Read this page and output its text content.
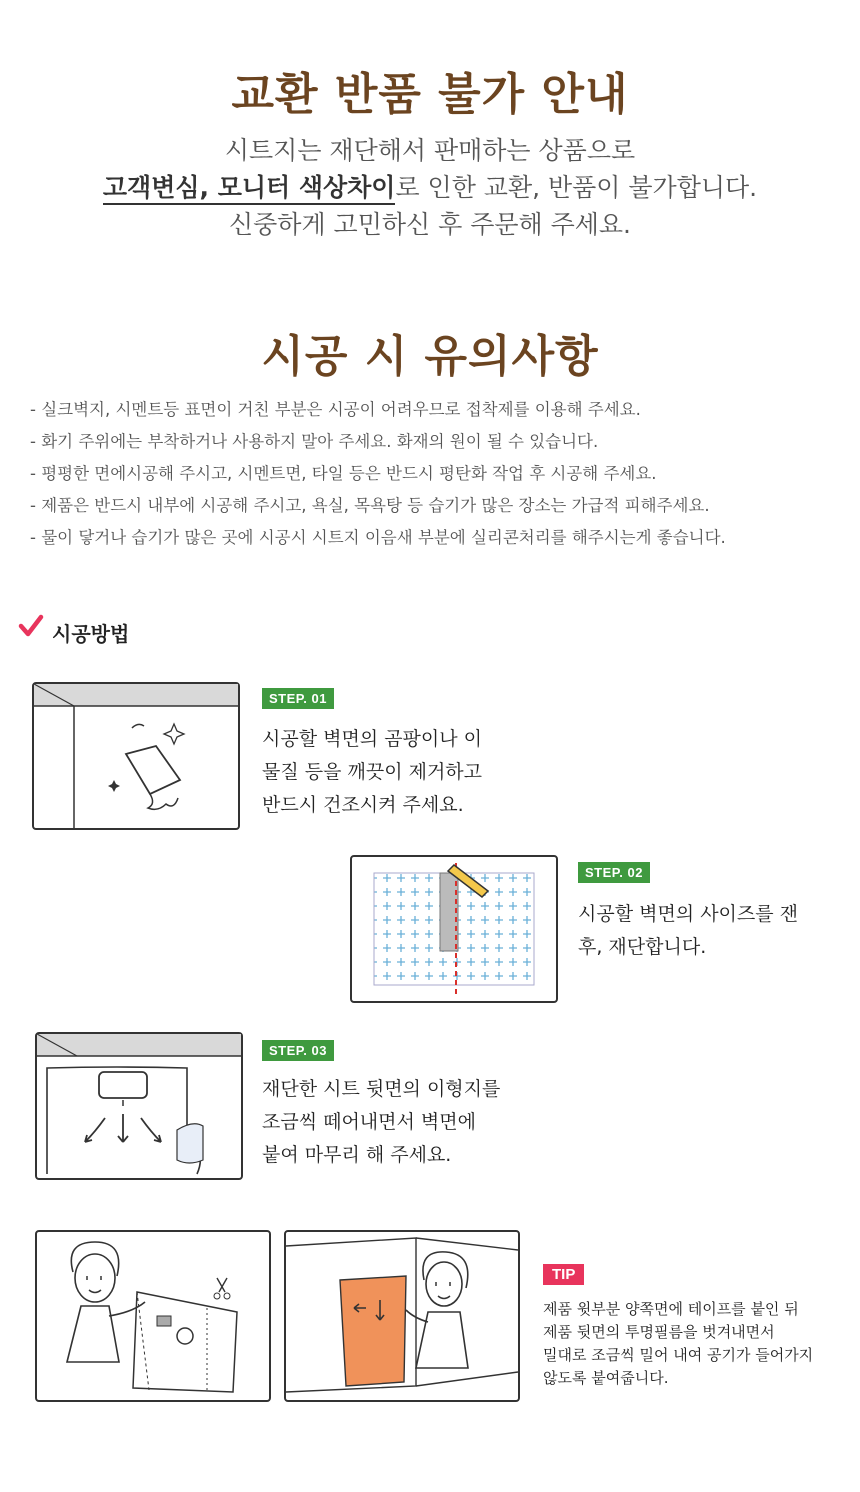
교환 반품 불가 안내
시트지는 재단해서 판매하는 상품으로
고객변심, 모니터 색상차이로 인한 교환, 반품이 불가합니다.
신중하게 고민하신 후 주문해 주세요.
시공 시 유의사항
- 실크벽지, 시멘트등 표면이 거친 부분은 시공이 어려우므로 접착제를 이용해 주세요.
- 화기 주위에는 부착하거나 사용하지 말아 주세요. 화재의 원이 될 수 있습니다.
- 평평한 면에시공해 주시고, 시멘트면, 타일 등은 반드시 평탄화 작업 후 시공해 주세요.
- 제품은 반드시 내부에 시공해 주시고, 욕실, 목욕탕 등 습기가 많은 장소는 가급적 피해주세요.
- 물이 닿거나 습기가 많은 곳에 시공시 시트지 이음새 부분에 실리콘처리를 해주시는게 좋습니다.
시공방법
STEP. 01
시공할 벽면의 곰팡이나 이
물질 등을 깨끗이 제거하고
반드시 건조시켜 주세요.
STEP. 02
시공할 벽면의 사이즈를 잰
후, 재단합니다.
STEP. 03
재단한 시트 뒷면의 이형지를
조금씩 떼어내면서 벽면에
붙여 마무리 해 주세요.
TIP
제품 윗부분 양쪽면에 테이프를 붙인 뒤
제품 뒷면의 투명필름을 벗겨내면서
밀대로 조금씩 밀어 내여 공기가 들어가지
않도록 붙여줍니다.
